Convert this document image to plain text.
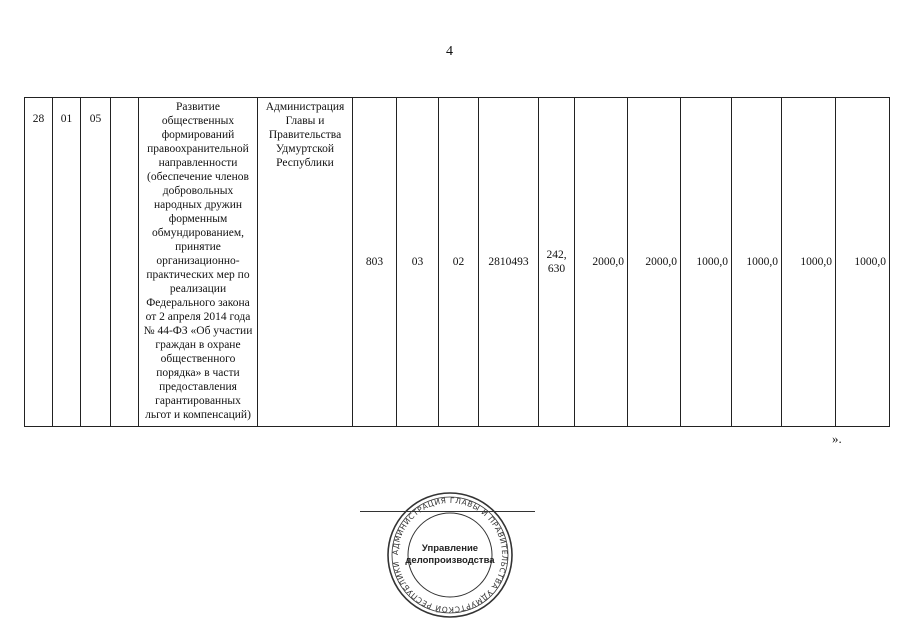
4
28	01	05		Развитие общественных формирований правоохранительной направленности (обеспечение членов добровольных народных дружин форменным обмундированием, принятие организационно-практических мер по реализации Федерального закона от 2 апреля 2014 года № 44-ФЗ «Об участии граждан в охране общественного порядка» в части предоставления гарантированных льгот и компенсаций)	Администрация Главы и Правительства Удмуртской Республики	803	03	02	2810493	242, 630	2000,0	2000,0	1000,0	1000,0	1000,0	1000,0
».
АДМИНИСТРАЦИЯ ГЛАВЫ И ПРАВИТЕЛЬСТВА УДМУРТСКОЙ РЕСПУБЛИКИ
Управление
делопроизводства
